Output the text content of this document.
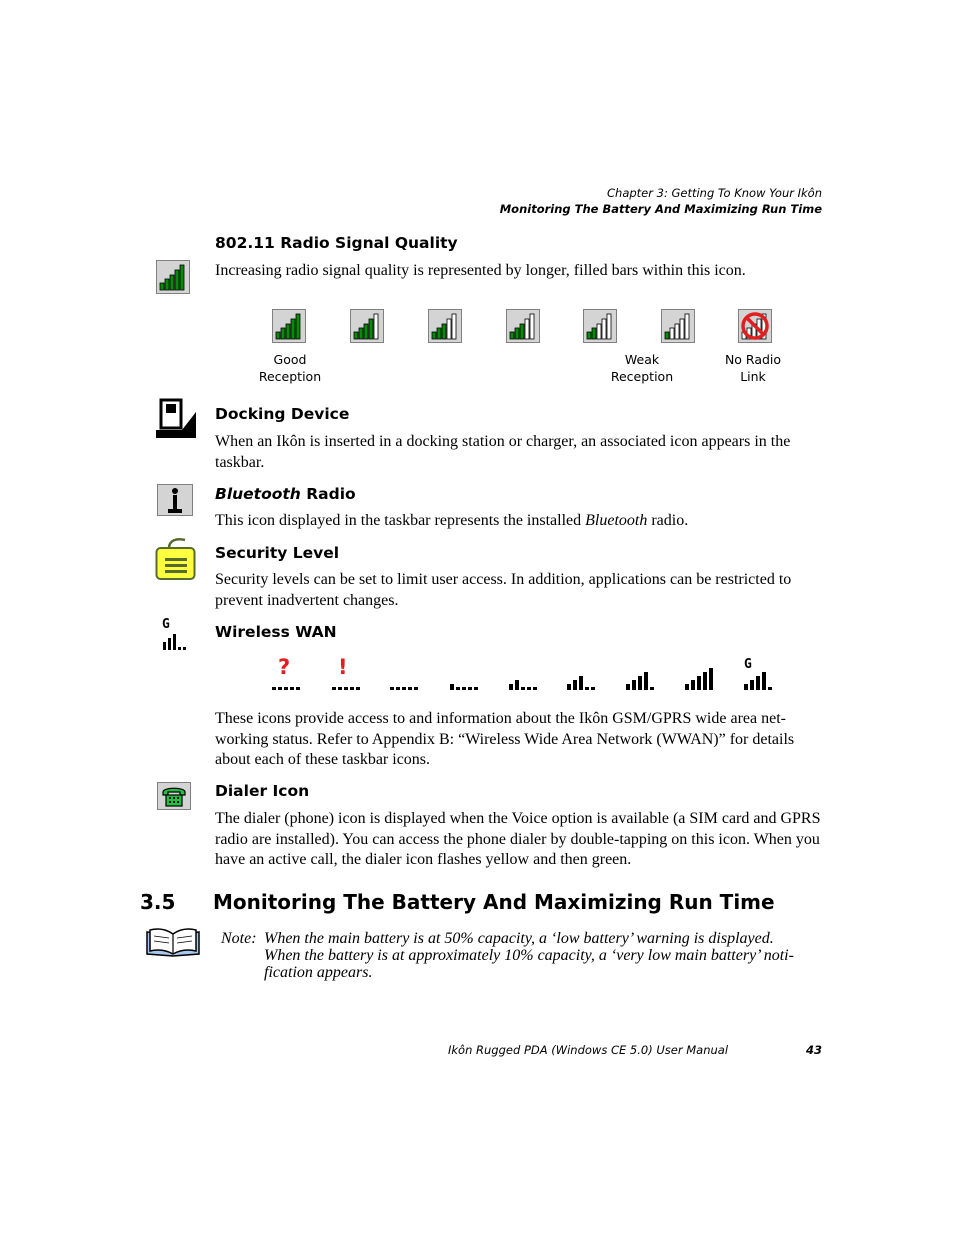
Chapter 3: Getting To Know Your Ikôn
Monitoring The Battery And Maximizing Run Time
802.11 Radio Signal Quality
Increasing radio signal quality is represented by longer, filled bars within this icon.
Good
Reception
Weak
Reception
No Radio
Link
Docking Device
When an Ikôn is inserted in a docking station or charger, an associated icon appears in the taskbar.
Bluetooth Radio
This icon displayed in the taskbar represents the installed Bluetooth radio.
Security Level
Security levels can be set to limit user access. In addition, applications can be restricted to prevent inadvertent changes.
G	Wireless WAN
? !	G
These icons provide access to and information about the Ikôn GSM/GPRS wide area net-working status. Refer to Appendix B: “Wireless Wide Area Network (WWAN)” for details about each of these taskbar icons.
Dialer Icon
The dialer (phone) icon is displayed when the Voice option is available (a SIM card and GPRS radio are installed). You can access the phone dialer by double-tapping on this icon. When you have an active call, the dialer icon flashes yellow and then green.
3.5 Monitoring The Battery And Maximizing Run Time
Note: When the main battery is at 50% capacity, a ‘low battery’ warning is displayed.
When the battery is at approximately 10% capacity, a ‘very low main battery’ noti-
fication appears.
Ikôn Rugged PDA (Windows CE 5.0) User Manual	43
